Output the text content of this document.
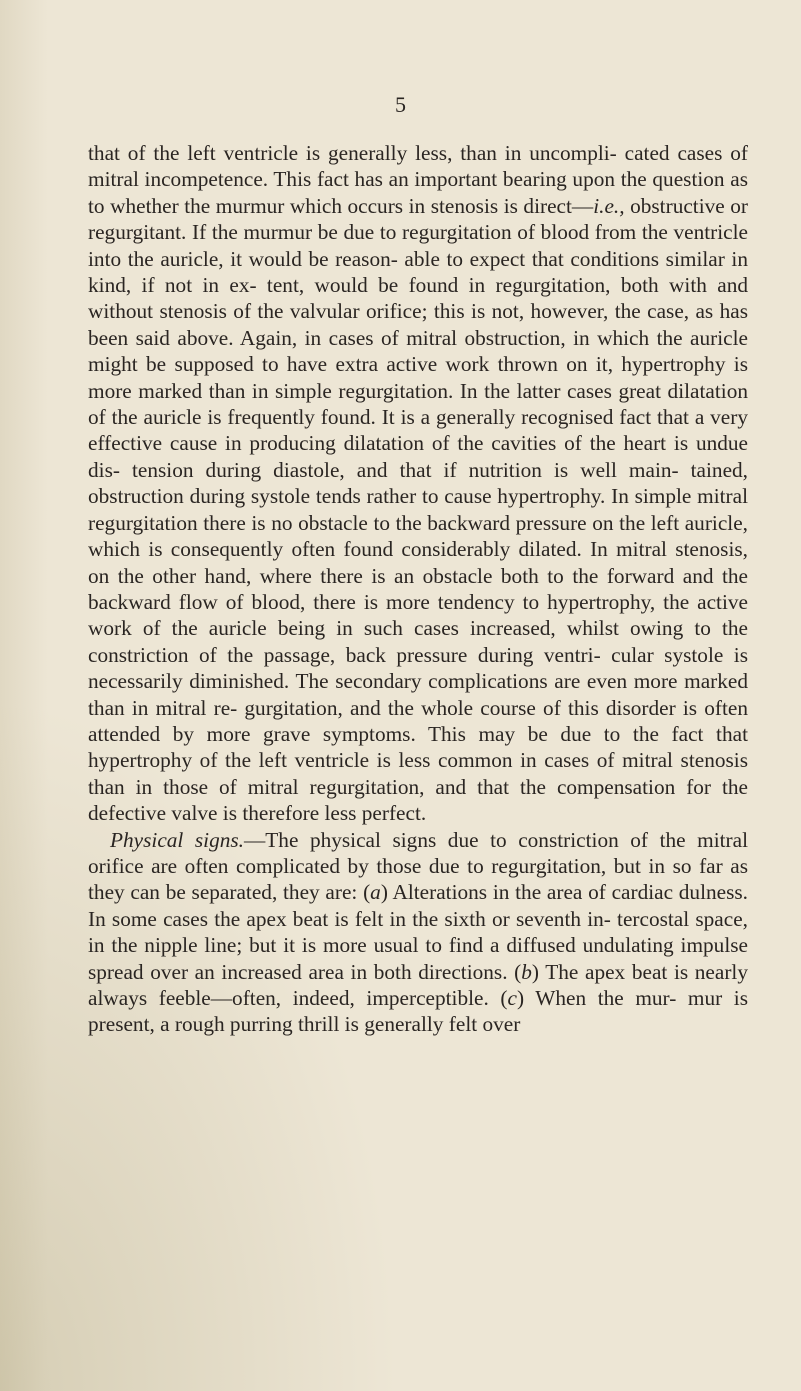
5

that of the left ventricle is generally less, than in uncompli- cated cases of mitral incompetence. This fact has an important bearing upon the question as to whether the murmur which occurs in stenosis is direct—i.e., obstructive or regurgitant. If the murmur be due to regurgitation of blood from the ventricle into the auricle, it would be reason- able to expect that conditions similar in kind, if not in ex- tent, would be found in regurgitation, both with and without stenosis of the valvular orifice; this is not, however, the case, as has been said above. Again, in cases of mitral obstruction, in which the auricle might be supposed to have extra active work thrown on it, hypertrophy is more marked than in simple regurgitation. In the latter cases great dilatation of the auricle is frequently found. It is a generally recognised fact that a very effective cause in producing dilatation of the cavities of the heart is undue dis- tension during diastole, and that if nutrition is well main- tained, obstruction during systole tends rather to cause hypertrophy. In simple mitral regurgitation there is no obstacle to the backward pressure on the left auricle, which is consequently often found considerably dilated. In mitral stenosis, on the other hand, where there is an obstacle both to the forward and the backward flow of blood, there is more tendency to hypertrophy, the active work of the auricle being in such cases increased, whilst owing to the constriction of the passage, back pressure during ventri- cular systole is necessarily diminished. The secondary complications are even more marked than in mitral re- gurgitation, and the whole course of this disorder is often attended by more grave symptoms. This may be due to the fact that hypertrophy of the left ventricle is less common in cases of mitral stenosis than in those of mitral regurgitation, and that the compensation for the defective valve is therefore less perfect.

Physical signs.—The physical signs due to constriction of the mitral orifice are often complicated by those due to regurgitation, but in so far as they can be separated, they are: (a) Alterations in the area of cardiac dulness. In some cases the apex beat is felt in the sixth or seventh in- tercostal space, in the nipple line; but it is more usual to find a diffused undulating impulse spread over an increased area in both directions. (b) The apex beat is nearly always feeble—often, indeed, imperceptible. (c) When the mur- mur is present, a rough purring thrill is generally felt over
